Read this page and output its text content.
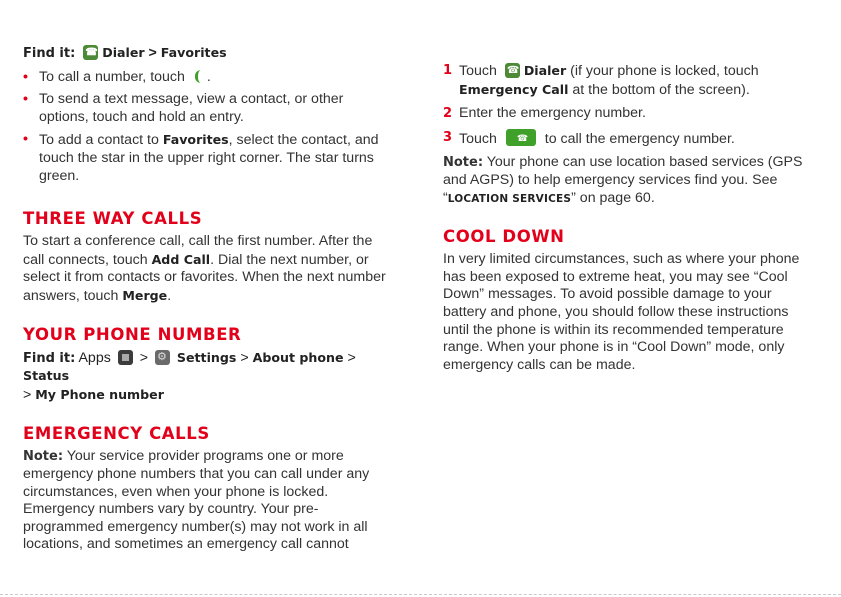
Find it: ☎ Dialer > Favorites

• To call a number, touch .
• To send a text message, view a contact, or other options, touch and hold an entry.
• To add a contact to Favorites, select the contact, and touch the star in the upper right corner. The star turns green.
THREE WAY CALLS

To start a conference call, call the first number. After the call connects, touch Add Call. Dial the next number, or select it from contacts or favorites. When the next number answers, touch Merge.

YOUR PHONE NUMBER

Find it: Apps > ⚙ Settings > About phone > Status
> My Phone number

EMERGENCY CALLS

Note: Your service provider programs one or more emergency phone numbers that you can call under any circumstances, even when your phone is locked. Emergency numbers vary by country. Your pre-programmed emergency number(s) may not work in all locations, and sometimes an emergency call cannot

1 Touch ☎ Dialer (if your phone is locked, touch Emergency Call at the bottom of the screen).
2 Enter the emergency number.
3 Touch ☎	to call the emergency number.

Note: Your phone can use location based services (GPS and AGPS) to help emergency services find you. See “LOCATION SERVICES” on page 60.

COOL DOWN

In very limited circumstances, such as where your phone has been exposed to extreme heat, you may see “Cool Down” messages. To avoid possible damage to your battery and phone, you should follow these instructions until the phone is within its recommended temperature range. When your phone is in “Cool Down” mode, only emergency calls can be made.
